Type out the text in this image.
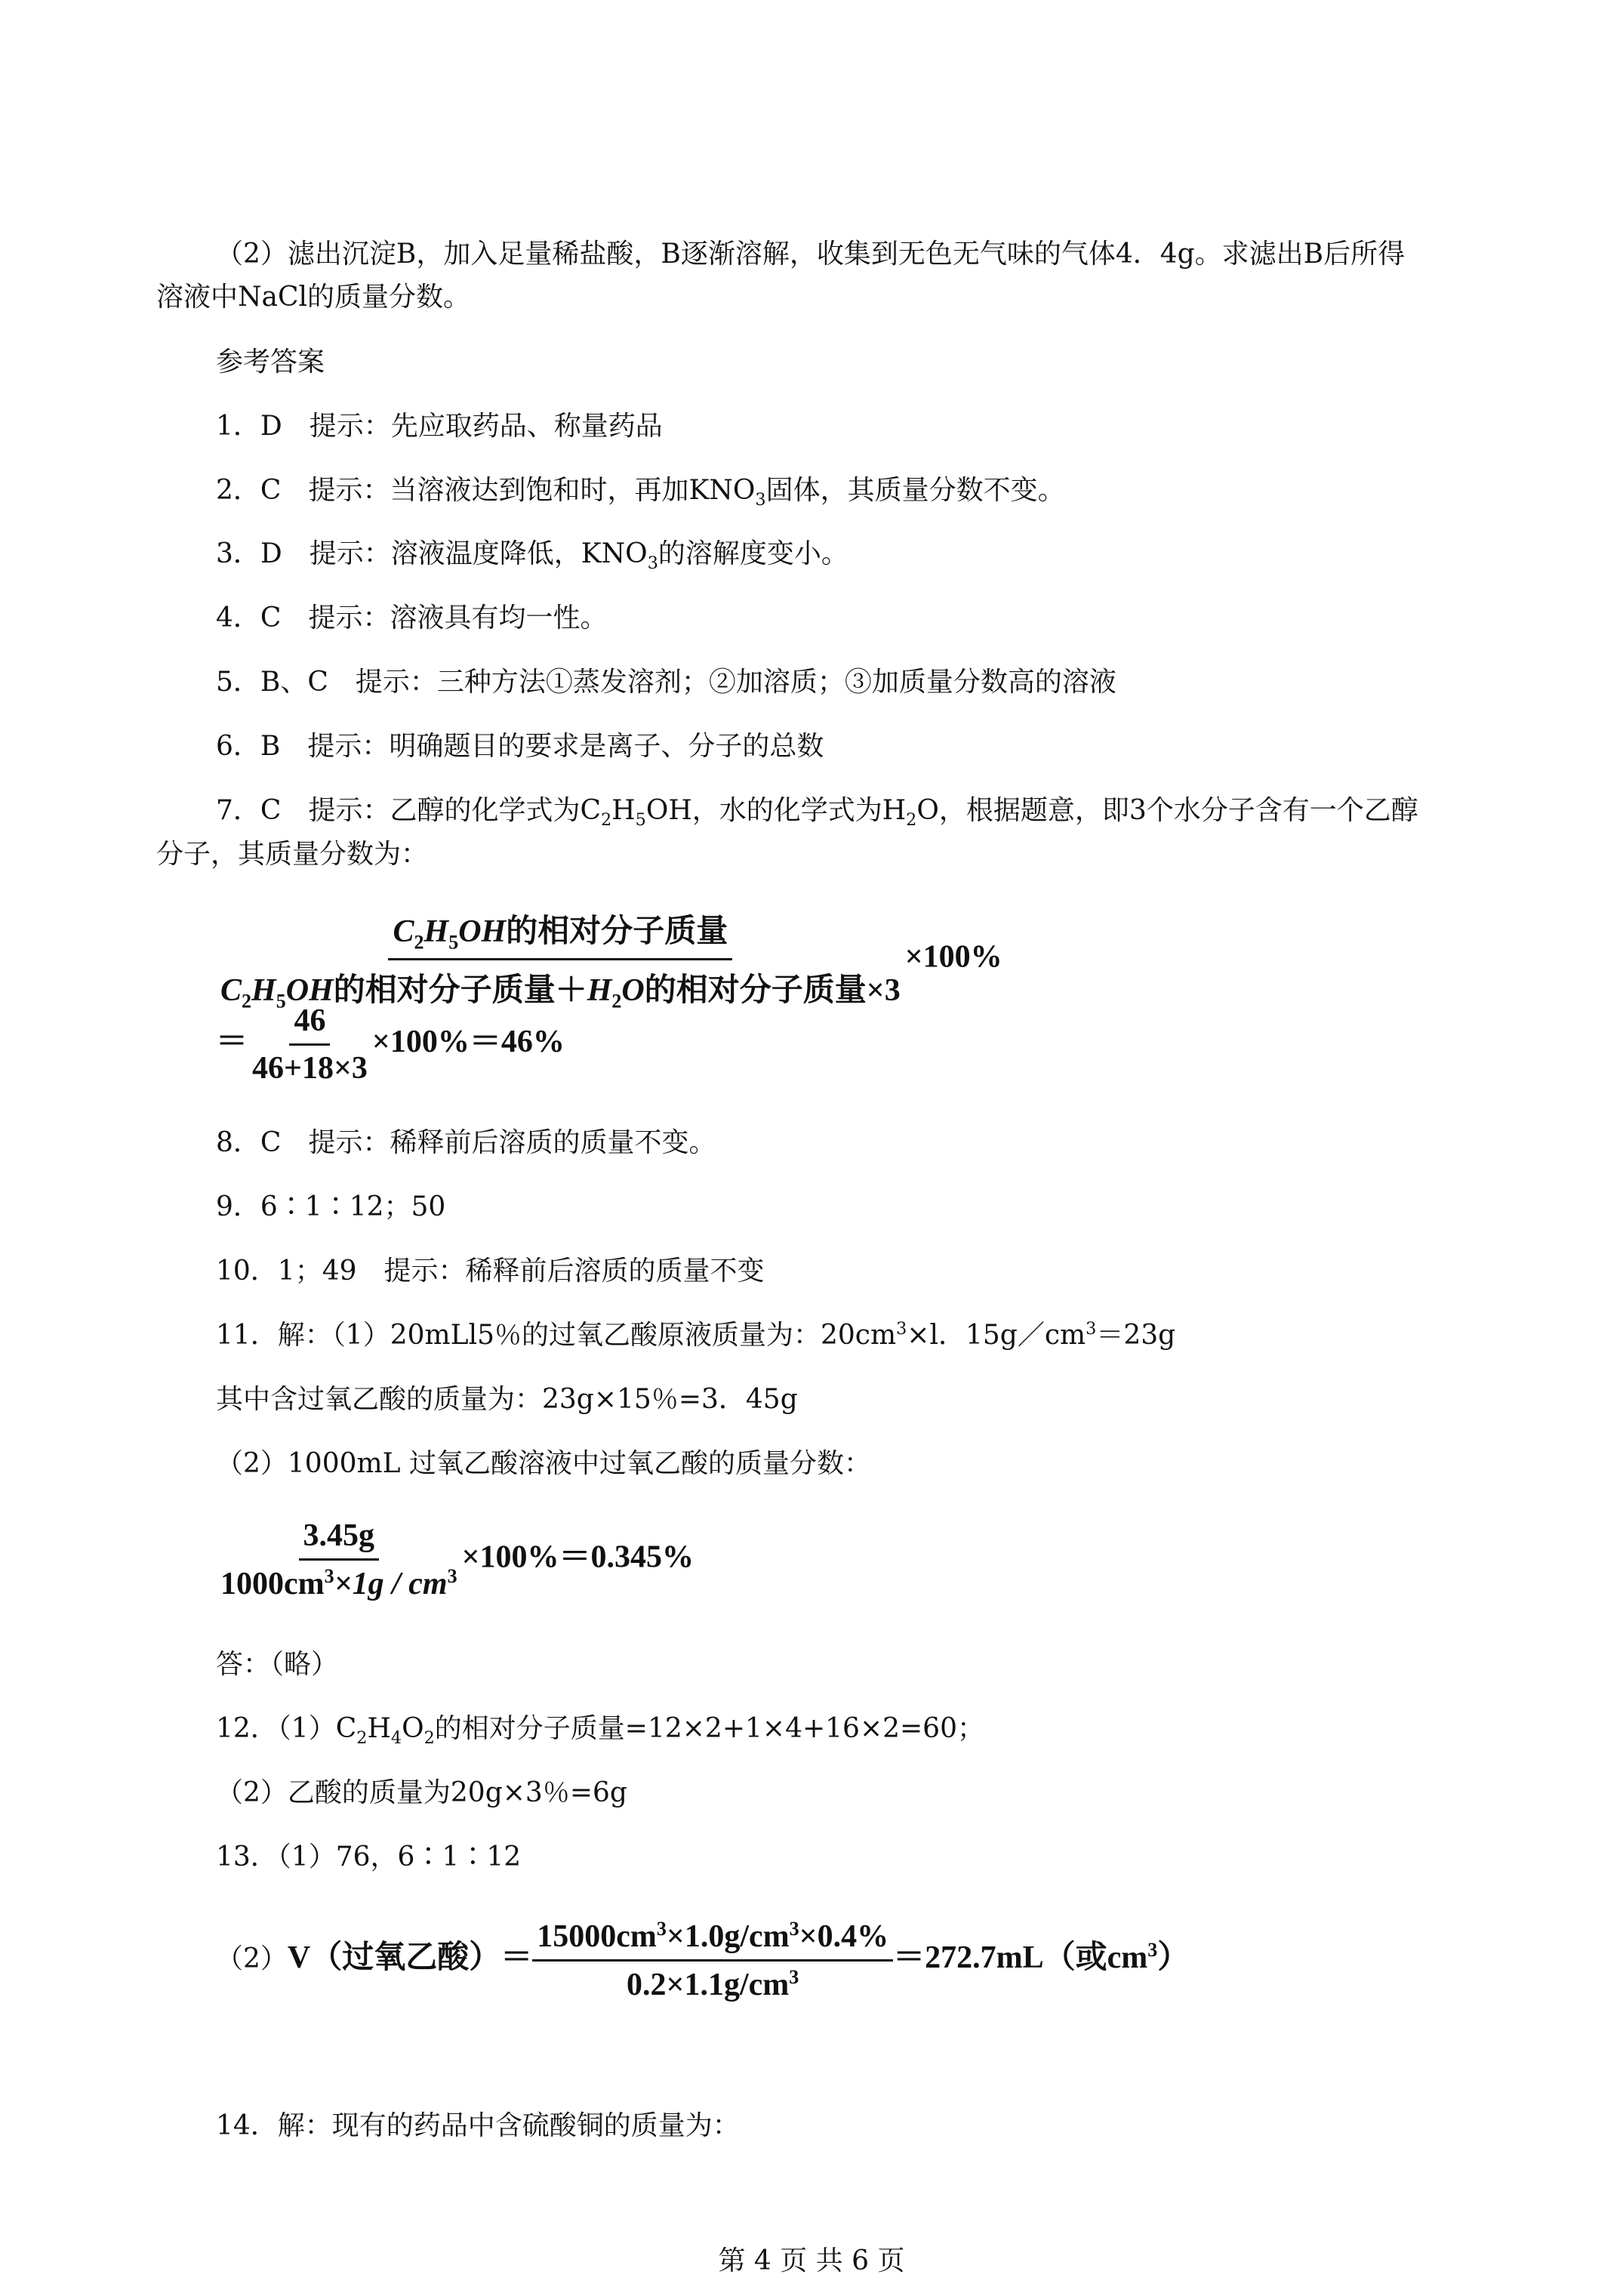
（2）滤出沉淀B，加入足量稀盐酸，B逐渐溶解，收集到无色无气味的气体4．4g。求滤出B后所得
溶液中NaCl的质量分数。
参考答案
1．D　提示：先应取药品、称量药品
2．C　提示：当溶液达到饱和时，再加$KNO_3$固体，其质量分数不变。
3．D　提示：溶液温度降低，$KNO_3$的溶解度变小。
4．C　提示：溶液具有均一性。
5．B、C　提示：三种方法①蒸发溶剂；②加溶质；③加质量分数高的溶液
6．B　提示：明确题目的要求是离子、分子的总数
7．C　提示：乙醇的化学式为$C_2H_5OH$，水的化学式为$H_2O$，根据题意，即3个水分子含有一个乙醇
分子，其质量分数为：
$\frac{C_2H_5OH的相对分子质量}{C_2H_5OH的相对分子质量+H_2O的相对分子质量\times 3} \times 100\%$
＝ $\frac{46}{46+18\times 3} \times 100\%=46\%$
8．C　提示：稀释前后溶质的质量不变。
9．6∶1∶12；50
10．1；49　提示：稀释前后溶质的质量不变
11．解：（1）20mLl5％的过氧乙酸原液质量为：$20cm^3\times l$．$15g/cm^3=23g$
其中含过氧乙酸的质量为：23g×15％=3．45g
（2）1000mL 过氧乙酸溶液中过氧乙酸的质量分数：
$\frac{3.45g}{1000cm^3\times 1g / cm^3} \times 100\%=0.345\%$
答：（略）
12．$(1)C_2H_4O_2$的相对分子质量=12×2+1×4+16×2=60；
（2）乙酸的质量为20g×3％=6g
13．（1）76，6∶1∶12
（2）V（过氧乙酸）＝ $\frac{15000cm^3\times 1.0g/cm^3\times 0.4\%}{0.2\times 1.1g/cm^3} =272.7mL$（或$cm^3$）
14．解：现有的药品中含硫酸铜的质量为：
第 4 页 共 6 页
